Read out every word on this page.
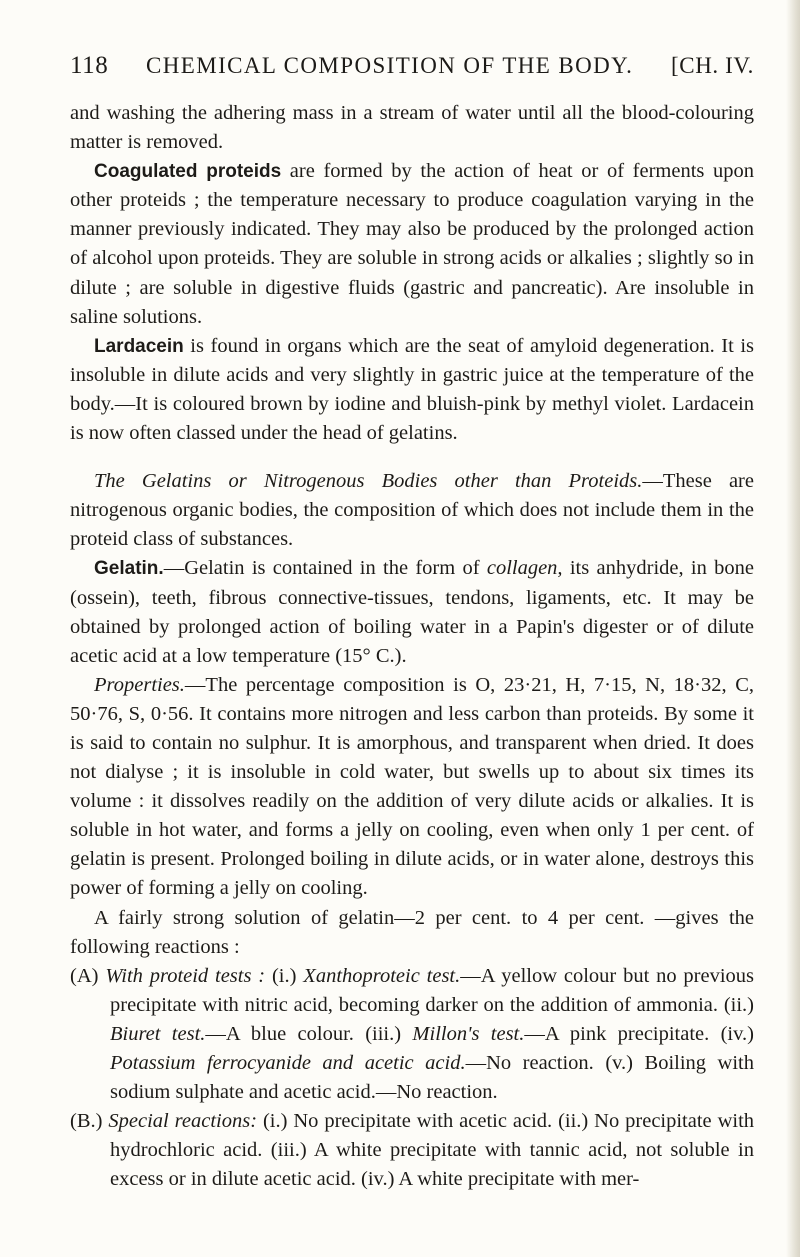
118 CHEMICAL COMPOSITION OF THE BODY. [CH. IV.

and washing the adhering mass in a stream of water until all the blood-colouring matter is removed.

Coagulated proteids are formed by the action of heat or of ferments upon other proteids ; the temperature necessary to produce coagulation varying in the manner previously indicated. They may also be produced by the prolonged action of alcohol upon proteids. They are soluble in strong acids or alkalies ; slightly so in dilute ; are soluble in digestive fluids (gastric and pancreatic). Are insoluble in saline solutions.

Lardacein is found in organs which are the seat of amyloid degeneration. It is insoluble in dilute acids and very slightly in gastric juice at the temperature of the body.—It is coloured brown by iodine and bluish-pink by methyl violet. Lardacein is now often classed under the head of gelatins.

The Gelatins or Nitrogenous Bodies other than Proteids.—These are nitrogenous organic bodies, the composition of which does not include them in the proteid class of substances.

Gelatin.—Gelatin is contained in the form of collagen, its anhydride, in bone (ossein), teeth, fibrous connective-tissues, tendons, ligaments, etc. It may be obtained by prolonged action of boiling water in a Papin's digester or of dilute acetic acid at a low temperature (15° C.).

Properties.—The percentage composition is O, 23·21, H, 7·15, N, 18·32, C, 50·76, S, 0·56. It contains more nitrogen and less carbon than proteids. By some it is said to contain no sulphur. It is amorphous, and transparent when dried. It does not dialyse ; it is insoluble in cold water, but swells up to about six times its volume : it dissolves readily on the addition of very dilute acids or alkalies. It is soluble in hot water, and forms a jelly on cooling, even when only 1 per cent. of gelatin is present. Prolonged boiling in dilute acids, or in water alone, destroys this power of forming a jelly on cooling.

A fairly strong solution of gelatin—2 per cent. to 4 per cent. —gives the following reactions :

(A) With proteid tests : (i.) Xanthoproteic test.—A yellow colour but no previous precipitate with nitric acid, becoming darker on the addition of ammonia. (ii.) Biuret test.—A blue colour. (iii.) Millon's test.—A pink precipitate. (iv.) Potassium ferrocyanide and acetic acid.—No reaction. (v.) Boiling with sodium sulphate and acetic acid.—No reaction.

(B.) Special reactions: (i.) No precipitate with acetic acid. (ii.) No precipitate with hydrochloric acid. (iii.) A white precipitate with tannic acid, not soluble in excess or in dilute acetic acid. (iv.) A white precipitate with mer-
